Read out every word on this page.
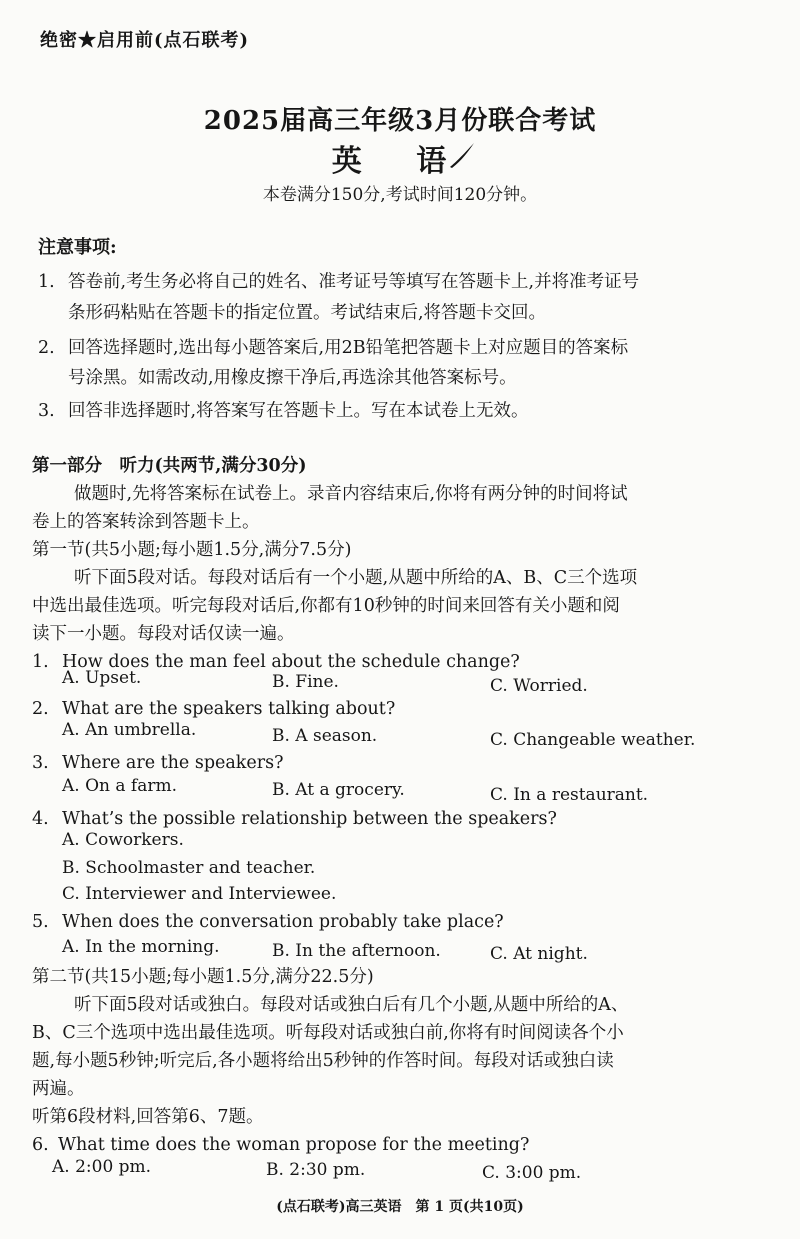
绝密★启用前(点石联考)
2025届高三年级3月份联合考试
英 语
本卷满分150分,考试时间120分钟。
注意事项:
1. 答卷前,考生务必将自己的姓名、准考证号等填写在答题卡上,并将准考证号
条形码粘贴在答题卡的指定位置。考试结束后,将答题卡交回。
2. 回答选择题时,选出每小题答案后,用2B铅笔把答题卡上对应题目的答案标
号涂黑。如需改动,用橡皮擦干净后,再选涂其他答案标号。
3. 回答非选择题时,将答案写在答题卡上。写在本试卷上无效。
第一部分　听力(共两节,满分30分)
做题时,先将答案标在试卷上。录音内容结束后,你将有两分钟的时间将试
卷上的答案转涂到答题卡上。
第一节(共5小题;每小题1.5分,满分7.5分)
听下面5段对话。每段对话后有一个小题,从题中所给的A、B、C三个选项
中选出最佳选项。听完每段对话后,你都有10秒钟的时间来回答有关小题和阅
读下一小题。每段对话仅读一遍。
1. How does the man feel about the schedule change?
A. Upset.	B. Fine.	C. Worried.
2. What are the speakers talking about?
A. An umbrella.	B. A season.	C. Changeable weather.
3. Where are the speakers?
A. On a farm.	B. At a grocery.	C. In a restaurant.
4. What’s the possible relationship between the speakers?
A. Coworkers.
B. Schoolmaster and teacher.
C. Interviewer and Interviewee.
5. When does the conversation probably take place?
A. In the morning.	B. In the afternoon.	C. At night.
第二节(共15小题;每小题1.5分,满分22.5分)
听下面5段对话或独白。每段对话或独白后有几个小题,从题中所给的A、
B、C三个选项中选出最佳选项。听每段对话或独白前,你将有时间阅读各个小
题,每小题5秒钟;听完后,各小题将给出5秒钟的作答时间。每段对话或独白读
两遍。
听第6段材料,回答第6、7题。
6. What time does the woman propose for the meeting?
A. 2:00 pm.	B. 2:30 pm.	C. 3:00 pm.
(点石联考)高三英语　第 1 页(共10页)
